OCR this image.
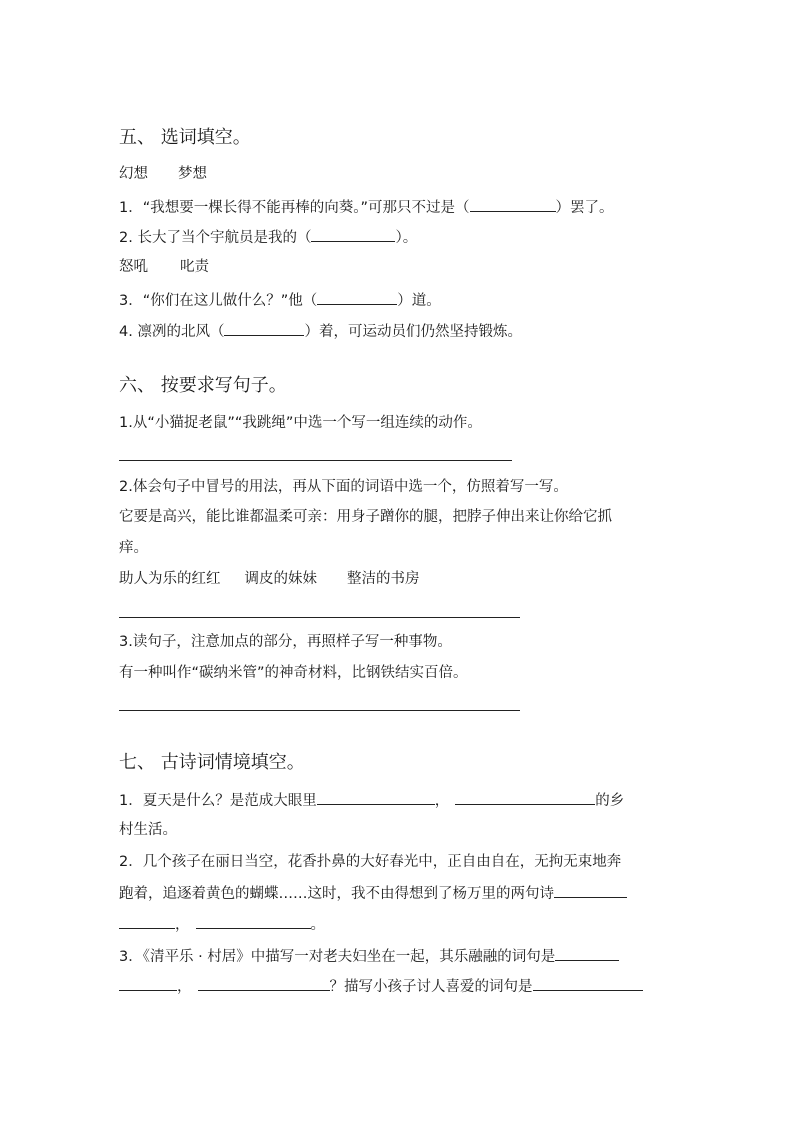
五、 选词填空。
幻想 梦想
1．“我想要一棵长得不能再棒的向葵。”可那只不过是（	）罢了。
2. 长大了当个宇航员是我的（	）。
怒吼 叱责
3．“你们在这儿做什么？”他（	）道。
4. 凛冽的北风（	）着，可运动员们仍然坚持锻炼。
六、 按要求写句子。
1.从“小猫捉老鼠”“我跳绳”中选一个写一组连续的动作。
2.体会句子中冒号的用法，再从下面的词语中选一个，仿照着写一写。
它要是高兴，能比谁都温柔可亲：用身子蹭你的腿，把脖子伸出来让你给它抓
痒。
助人为乐的红红 调皮的妹妹 整洁的书房
3.读句子，注意加点的部分，再照样子写一种事物。
有一种叫作“碳纳米管”的神奇材料，比钢铁结实百倍。
七、 古诗词情境填空。
1．夏天是什么？是范成大眼里	，	的乡
村生活。
2．几个孩子在丽日当空，花香扑鼻的大好春光中，正自由自在，无拘无束地奔
跑着，追逐着黄色的蝴蝶……这时，我不由得想到了杨万里的两句诗
，	。
3．《清平乐 · 村居》中描写一对老夫妇坐在一起，其乐融融的词句是
，	？描写小孩子讨人喜爱的词句是
